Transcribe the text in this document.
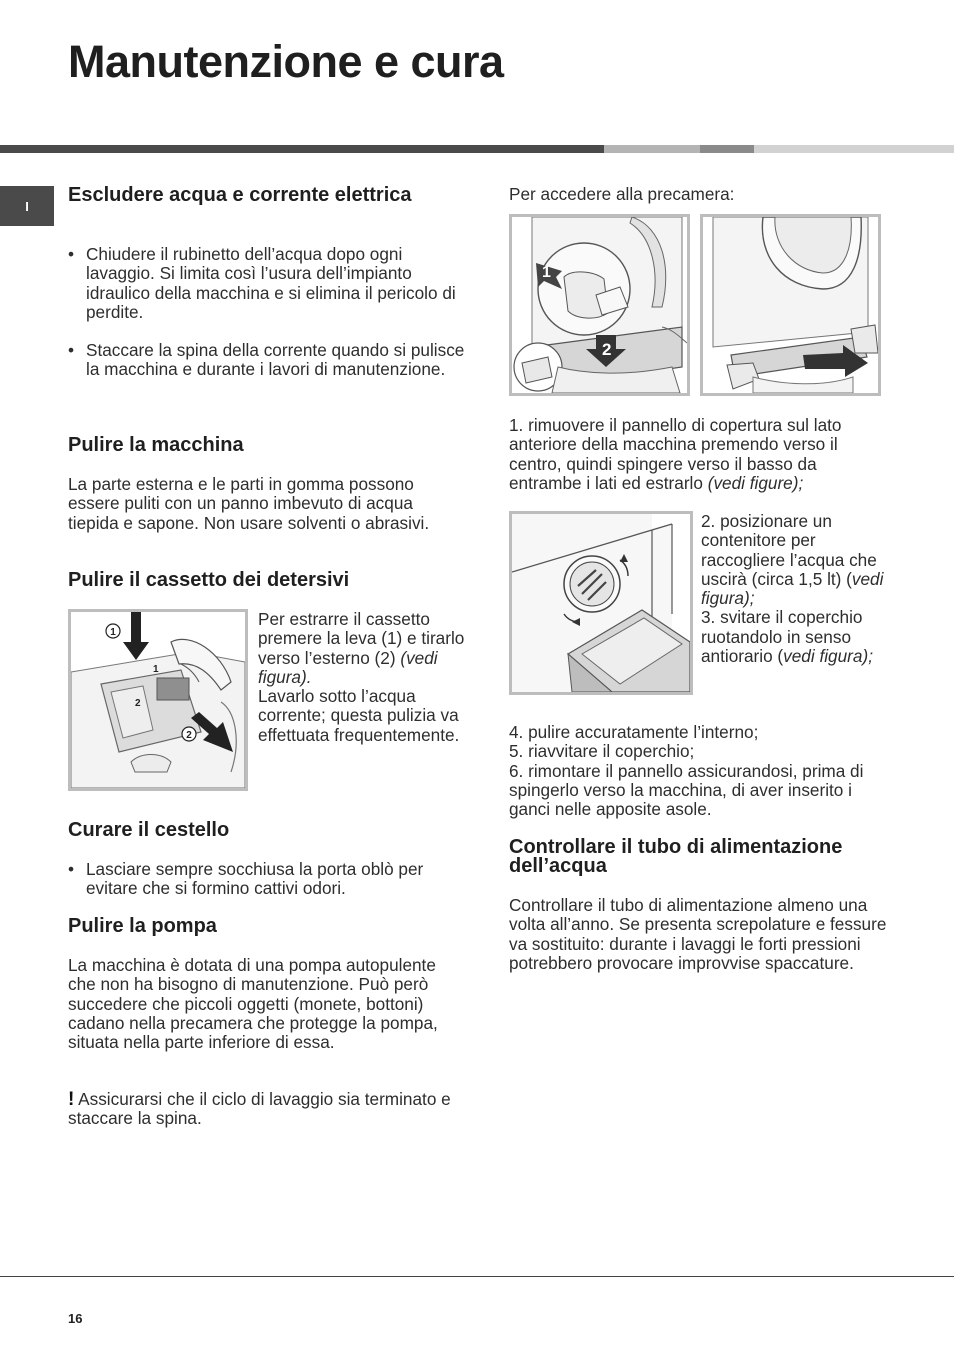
Manutenzione e cura
I	Escludere acqua e corrente elettrica
• Chiudere il rubinetto dell’acqua dopo ogni lavaggio. Si limita così l’usura dell’impianto idraulico della macchina e si elimina il pericolo di perdite.
• Staccare la spina della corrente quando si pulisce la macchina e durante i lavori di manutenzione.
Pulire la macchina

La parte esterna e le parti in gomma possono essere puliti con un panno imbevuto di acqua tiepida e sapone. Non usare solventi o abrasivi.

Pulire il cassetto dei detersivi
1
1
2
2

Per estrarre il cassetto premere la leva (1) e tirarlo verso l’esterno (2) (vedi figura).
Lavarlo sotto l’acqua corrente; questa pulizia va effettuata frequentemente.

Curare il cestello
• Lasciare sempre socchiusa la porta oblò per evitare che si formino cattivi odori.
Pulire la pompa

La macchina è dotata di una pompa autopulente che non ha bisogno di manutenzione. Può però succedere che piccoli oggetti (monete, bottoni) cadano nella precamera che protegge la pompa, situata nella parte inferiore di essa.

! Assicurarsi che il ciclo di lavaggio sia terminato e staccare la spina.

Per accedere alla precamera:

1
2

1. rimuovere il pannello di copertura sul lato anteriore della macchina premendo verso il centro, quindi spingere verso il basso da entrambe i lati ed estrarlo (vedi figure);

2. posizionare un contenitore per raccogliere l’acqua che uscirà (circa 1,5 lt) (vedi figura);
3. svitare il coperchio ruotandolo in senso antiorario (vedi figura);

4. pulire accuratamente l’interno;
5. riavvitare il coperchio;
6. rimontare il pannello assicurandosi, prima di spingerlo verso la macchina, di aver inserito i ganci nelle apposite asole.
Controllare il tubo di alimentazione dell’acqua

Controllare il tubo di alimentazione almeno una volta all’anno. Se presenta screpolature e fessure va sostituito: durante i lavaggi le forti pressioni potrebbero provocare improvvise spaccature.

16
